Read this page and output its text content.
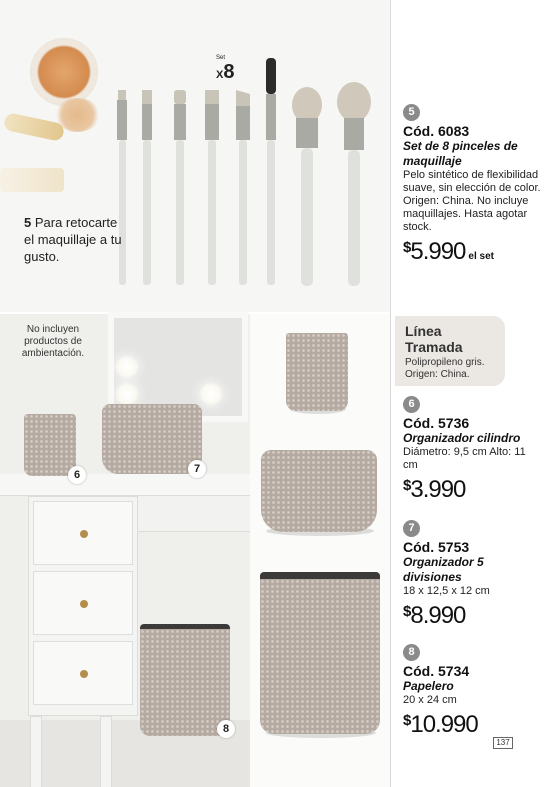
Set
X8
5 Para retocarte el maquillaje a tu gusto.
No incluyen productos de ambientación.
6	7
8
5
Cód. 6083
Set de 8 pinceles de maquillaje
Pelo sintético de flexibilidad suave, sin elección de color. Origen: China. No incluye maquillajes. Hasta agotar stock.
$ 5.990 el set
Línea Tramada
Polipropileno gris. Origen: China.
6
Cód. 5736
Organizador cilindro
Diámetro: 9,5 cm Alto: 11 cm
$ 3.990
7
Cód. 5753
Organizador 5 divisiones
18 x 12,5 x 12 cm
$ 8.990
8
Cód. 5734
Papelero
20 x 24 cm
$ 10.990
137
